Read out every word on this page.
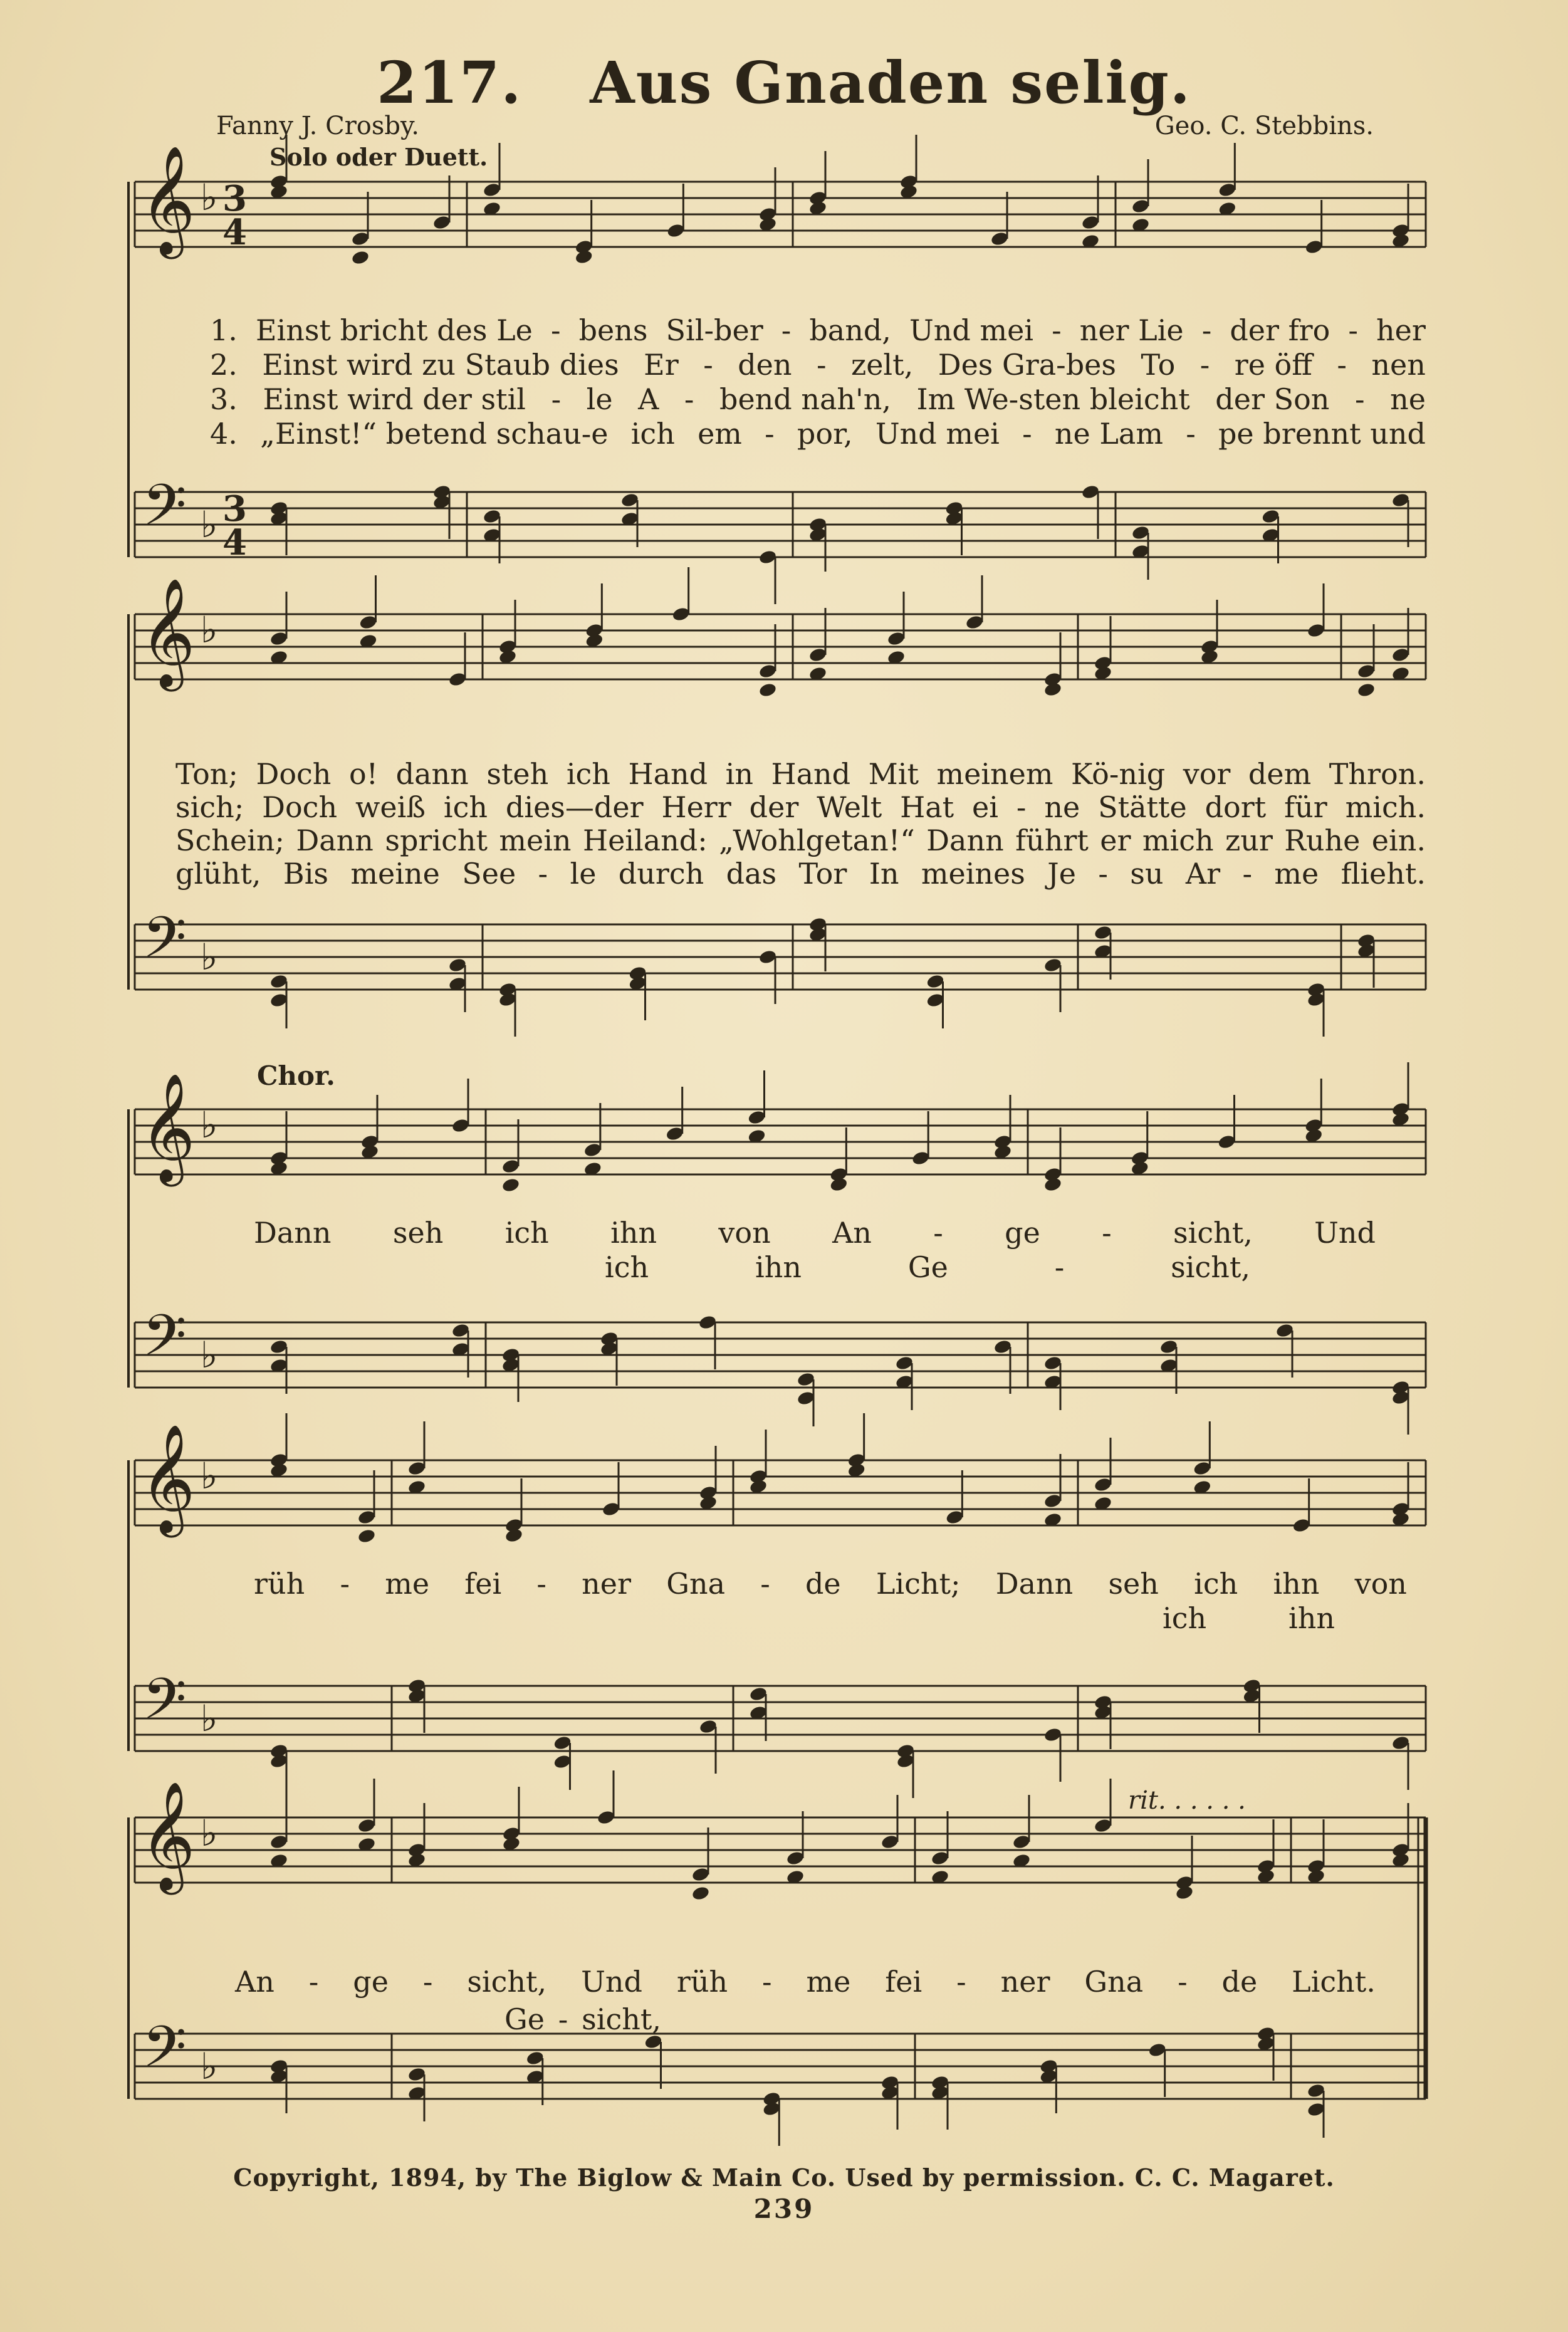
217. Aus Gnaden selig.
Fanny J. Crosby.	Geo. C. Stebbins.
Solo oder Duett.
𝄞
𝄢
♭
♭
3
4
3
4
𝄞
𝄢
♭
♭
𝄞
𝄢
♭
♭
𝄞
𝄢
♭
♭
𝄞
𝄢
♭
♭
1. Einst bricht des Le - bens Sil-ber - band, Und mei - ner Lie - der fro - her
2. Einst wird zu Staub dies Er - den - zelt, Des Gra-bes To - re öff - nen
3. Einst wird der stil - le A - bend nah'n, Im We-sten bleicht der Son - ne
4. „Einst!“ betend schau-e ich em - por, Und mei - ne Lam - pe brennt und
Ton; Doch o! dann steh ich Hand in Hand Mit meinem Kö-nig vor dem Thron.
sich; Doch weiß ich dies—der Herr der Welt Hat ei - ne Stätte dort für mich.
Schein; Dann spricht mein Heiland: „Wohlgetan!“ Dann führt er mich zur Ruhe ein.
glüht, Bis meine See - le durch das Tor In meines Je - su Ar - me flieht.
Chor.
Dann seh ich ihn von An - ge - sicht, Und
ich	ihn	Ge	-	sicht,
rüh - me fei - ner Gna - de Licht; Dann seh ich ihn von
ich	ihn
An - ge - sicht, Und rüh - me fei - ner Gna - de Licht.
Ge - sicht,
rit. . . . . .
Copyright, 1894, by The Biglow & Main Co. Used by permission. C. C. Magaret.
239
